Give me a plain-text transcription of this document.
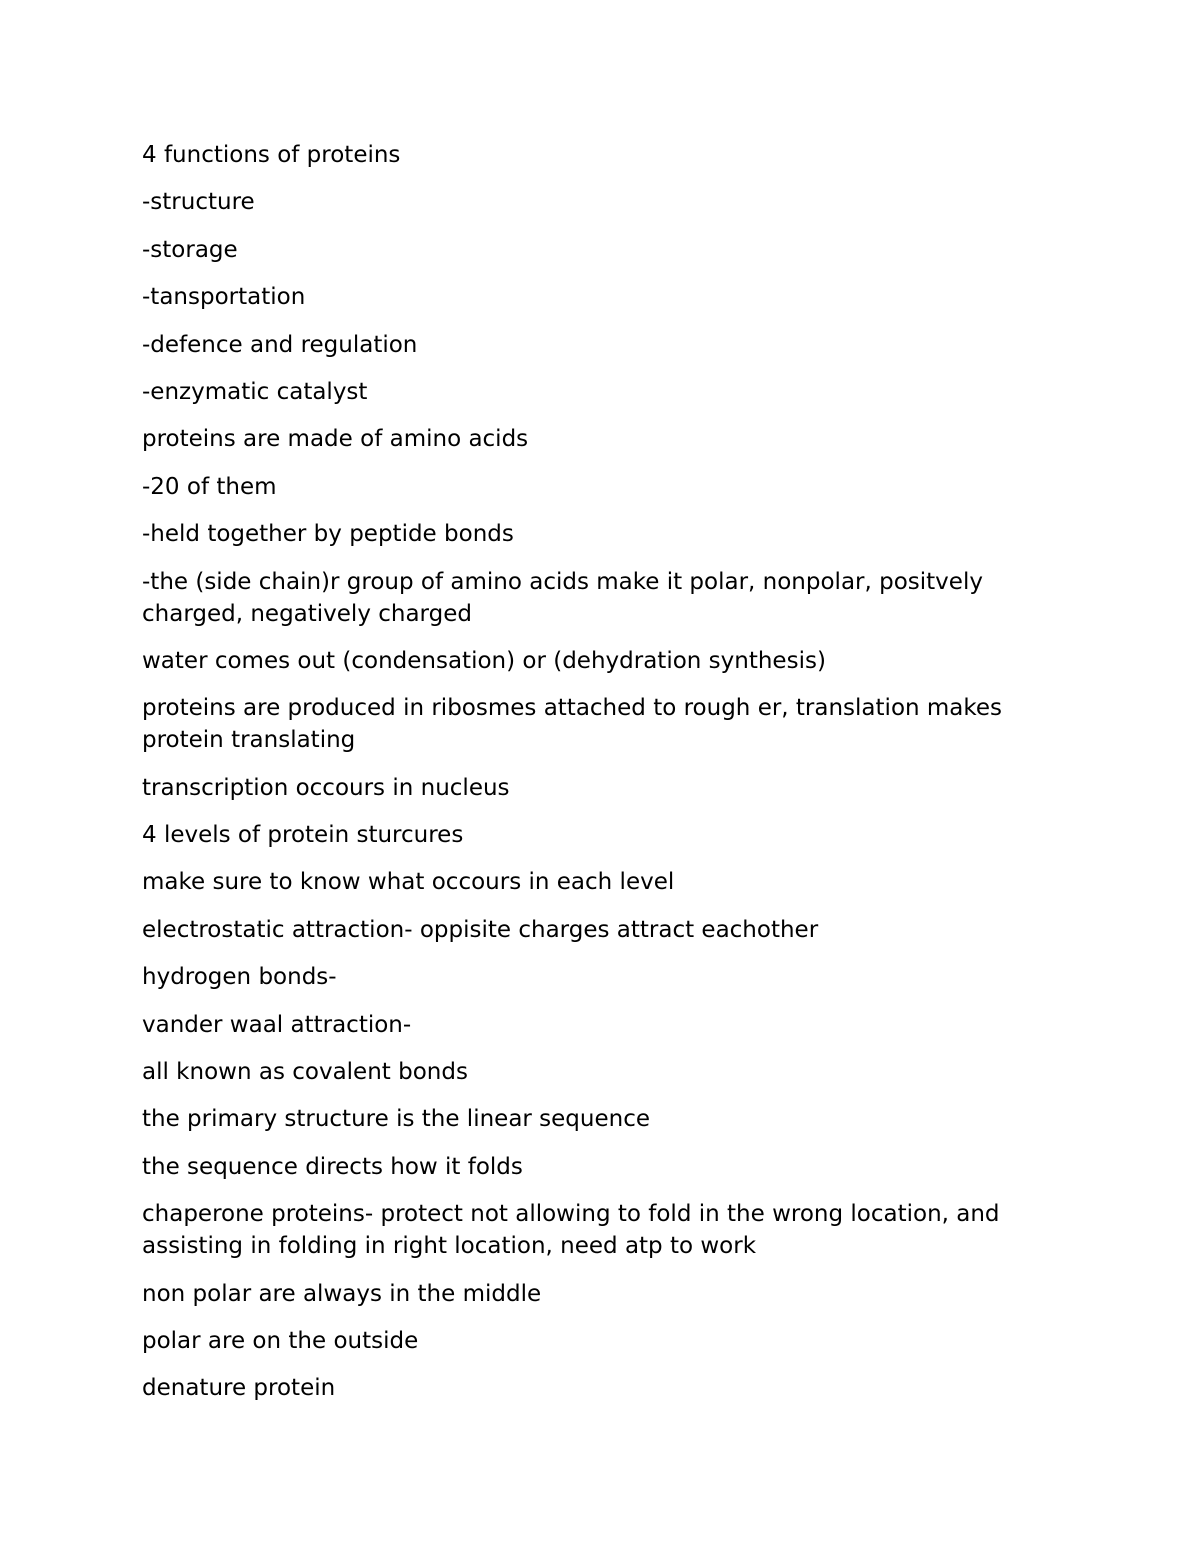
4 functions of proteins
-structure
-storage
-tansportation
-defence and regulation
-enzymatic catalyst
proteins are made of amino acids
-20 of them
-held together by peptide bonds
-the (side chain)r group of amino acids make it polar, nonpolar, positvely charged, negatively charged
water comes out (condensation) or (dehydration synthesis)
proteins are produced in ribosmes attached to rough er, translation makes protein translating
transcription occours in nucleus
4 levels of protein sturcures
make sure to know what occours in each level
electrostatic attraction- oppisite charges attract eachother
hydrogen bonds-
vander waal attraction-
all known as covalent bonds
the primary structure is the linear sequence
the sequence directs how it folds
chaperone proteins- protect not allowing to fold in the wrong location, and assisting in folding in right location, need atp to work
non polar are always in the middle
polar are on the outside
denature protein
